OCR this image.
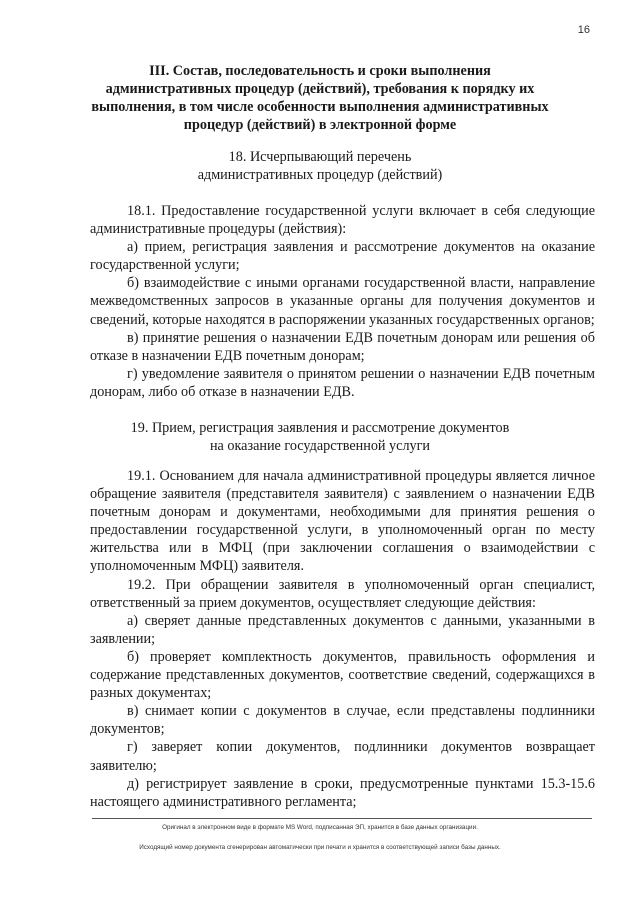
16
III. Состав, последовательность и сроки выполнения административных процедур (действий), требования к порядку их выполнения, в том числе особенности выполнения административных процедур (действий) в электронной форме
18. Исчерпывающий перечень административных процедур (действий)

18.1. Предоставление государственной услуги включает в себя следующие административные процедуры (действия):

а) прием, регистрация заявления и рассмотрение документов на оказание государственной услуги;

б) взаимодействие с иными органами государственной власти, направление межведомственных запросов в указанные органы для получения документов и сведений, которые находятся в распоряжении указанных государственных органов;

в) принятие решения о назначении ЕДВ почетным донорам или решения об отказе в назначении ЕДВ почетным донорам;

г) уведомление заявителя о принятом решении о назначении ЕДВ почетным донорам, либо об отказе в назначении ЕДВ.

19. Прием, регистрация заявления и рассмотрение документов на оказание государственной услуги

19.1. Основанием для начала административной процедуры является личное обращение заявителя (представителя заявителя) с заявлением о назначении ЕДВ почетным донорам и документами, необходимыми для принятия решения о предоставлении государственной услуги, в уполномоченный орган по месту жительства или в МФЦ (при заключении соглашения о взаимодействии с уполномоченным МФЦ) заявителя.

19.2. При обращении заявителя в уполномоченный орган специалист, ответственный за прием документов, осуществляет следующие действия:

а) сверяет данные представленных документов с данными, указанными в заявлении;

б) проверяет комплектность документов, правильность оформления и содержание представленных документов, соответствие сведений, содержащихся в разных документах;

в) снимает копии с документов в случае, если представлены подлинники документов;

г) заверяет копии документов, подлинники документов возвращает заявителю;

д) регистрирует заявление в сроки, предусмотренные пунктами 15.3-15.6 настоящего административного регламента;

Оригинал в электронном виде в формате MS Word, подписанная ЭП, хранится в базе данных организации.
Исходящий номер документа сгенерирован автоматически при печати и хранится в соответствующей записи базы данных.
